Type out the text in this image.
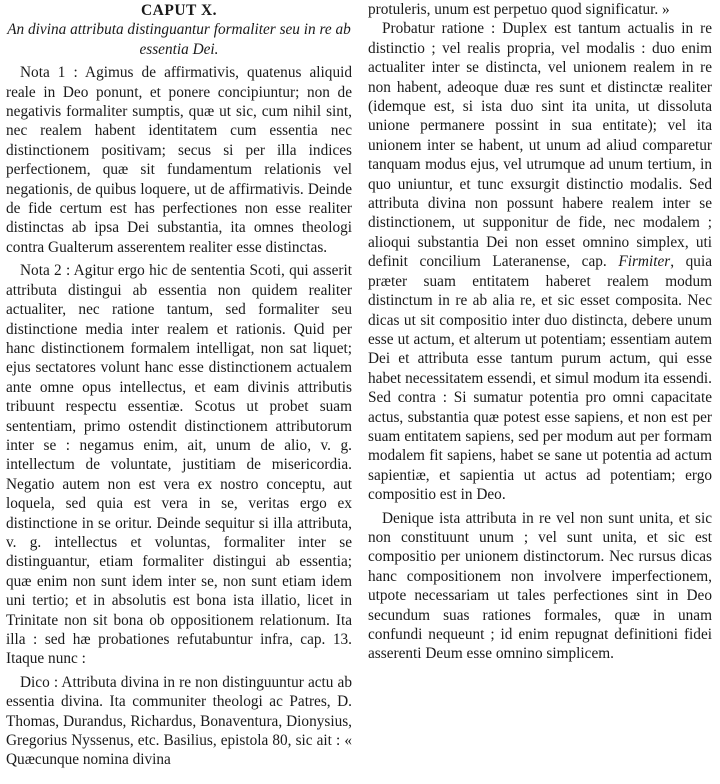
CAPUT X.
An divina attributa distinguantur formaliter seu in re ab essentia Dei.

Nota 1 : Agimus de affirmativis, quatenus aliquid reale in Deo ponunt, et ponere concipiuntur; non de negativis formaliter sumptis, quæ ut sic, cum nihil sint, nec realem habent identitatem cum essentia nec distinctionem positivam; secus si per illa indices perfectionem, quæ sit fundamentum relationis vel negationis, de quibus loquere, ut de affirmativis. Deinde de fide certum est has perfectiones non esse realiter distinctas ab ipsa Dei substantia, ita omnes theologi contra Gualterum asserentem realiter esse distinctas.

Nota 2 : Agitur ergo hic de sententia Scoti, qui asserit attributa distingui ab essentia non quidem realiter actualiter, nec ratione tantum, sed formaliter seu distinctione media inter realem et rationis. Quid per hanc distinctionem formalem intelligat, non sat liquet; ejus sectatores volunt hanc esse distinctionem actualem ante omne opus intellectus, et eam divinis attributis tribuunt respectu essentiæ. Scotus ut probet suam sententiam, primo ostendit distinctionem attributorum inter se : negamus enim, ait, unum de alio, v. g. intellectum de voluntate, justitiam de misericordia. Negatio autem non est vera ex nostro conceptu, aut loquela, sed quia est vera in se, veritas ergo ex distinctione in se oritur. Deinde sequitur si illa attributa, v. g. intellectus et voluntas, formaliter inter se distinguantur, etiam formaliter distingui ab essentia; quæ enim non sunt idem inter se, non sunt etiam idem uni tertio; et in absolutis est bona ista illatio, licet in Trinitate non sit bona ob oppositionem relationum. Ita illa : sed hæ probationes refutabuntur infra, cap. 13. Itaque nunc :

Dico : Attributa divina in re non distinguuntur actu ab essentia divina. Ita communiter theologi ac Patres, D. Thomas, Durandus, Richardus, Bonaventura, Dionysius, Gregorius Nyssenus, etc. Basilius, epistola 80, sic ait : « Quæcunque nomina divina

protuleris, unum est perpetuo quod significatur. »

Probatur ratione : Duplex est tantum actualis in re distinctio ; vel realis propria, vel modalis : duo enim actualiter inter se distincta, vel unionem realem in re non habent, adeoque duæ res sunt et distinctæ realiter (idemque est, si ista duo sint ita unita, ut dissoluta unione permanere possint in sua entitate); vel ita unionem inter se habent, ut unum ad aliud comparetur tanquam modus ejus, vel utrumque ad unum tertium, in quo uniuntur, et tunc exsurgit distinctio modalis. Sed attributa divina non possunt habere realem inter se distinctionem, ut supponitur de fide, nec modalem ; alioqui substantia Dei non esset omnino simplex, uti definit concilium Lateranense, cap. Firmiter, quia præter suam entitatem haberet realem modum distinctum in re ab alia re, et sic esset composita. Nec dicas ut sit compositio inter duo distincta, debere unum esse ut actum, et alterum ut potentiam; essentiam autem Dei et attributa esse tantum purum actum, qui esse habet necessitatem essendi, et simul modum ita essendi. Sed contra : Si sumatur potentia pro omni capacitate actus, substantia quæ potest esse sapiens, et non est per suam entitatem sapiens, sed per modum aut per formam modalem fit sapiens, habet se sane ut potentia ad actum sapientiæ, et sapientia ut actus ad potentiam; ergo compositio est in Deo.

Denique ista attributa in re vel non sunt unita, et sic non constituunt unum ; vel sunt unita, et sic est compositio per unionem distinctorum. Nec rursus dicas hanc compositionem non involvere imperfectionem, utpote necessariam ut tales perfectiones sint in Deo secundum suas rationes formales, quæ in unam confundi nequeunt ; id enim repugnat definitioni fidei asserenti Deum esse omnino simplicem.
